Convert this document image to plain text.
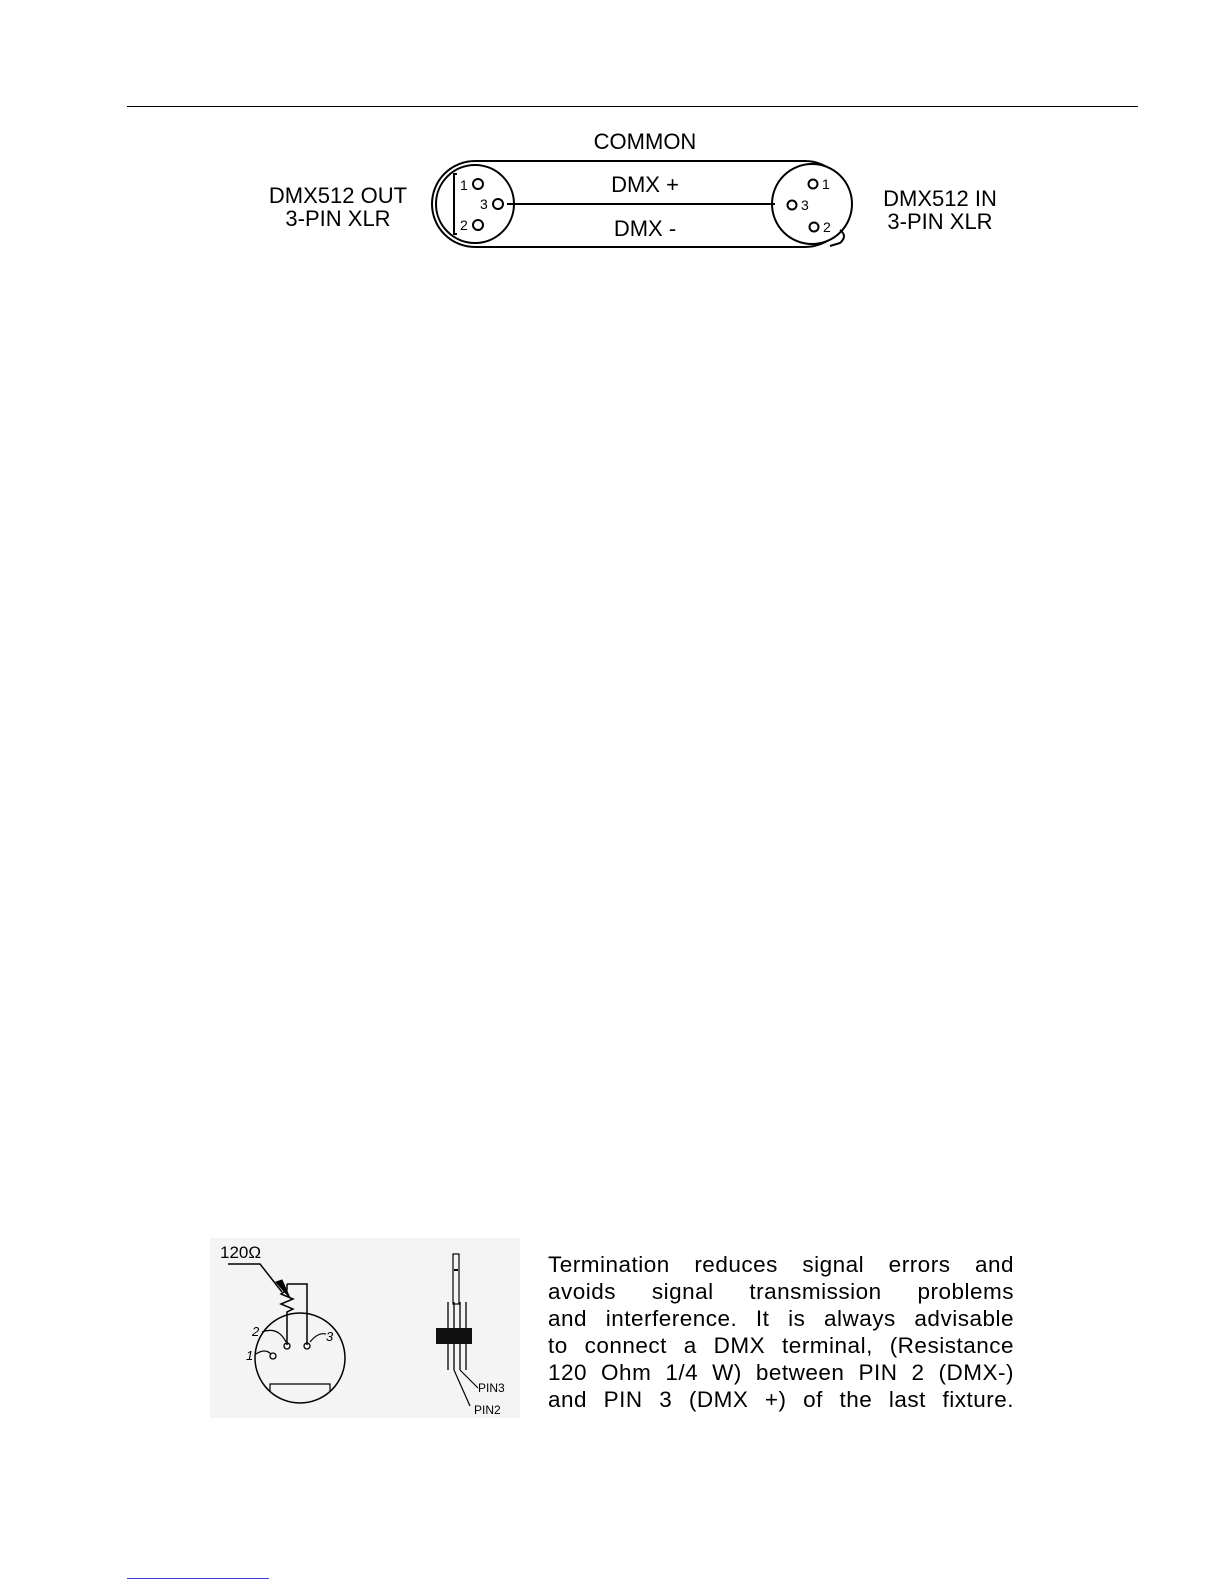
DMX512 OUT
3-PIN XLR
DMX512 IN
3-PIN XLR
COMMON
DMX +
DMX -
1
3
2
1
3
2
120Ω
1
2	3
PIN3
PIN2

Termination reduces signal errors and

avoids signal transmission problems

and interference. It is always advisable

to connect a DMX terminal, (Resistance

120 Ohm 1/4 W) between PIN 2 (DMX-)

and PIN 3 (DMX +) of the last fixture.
